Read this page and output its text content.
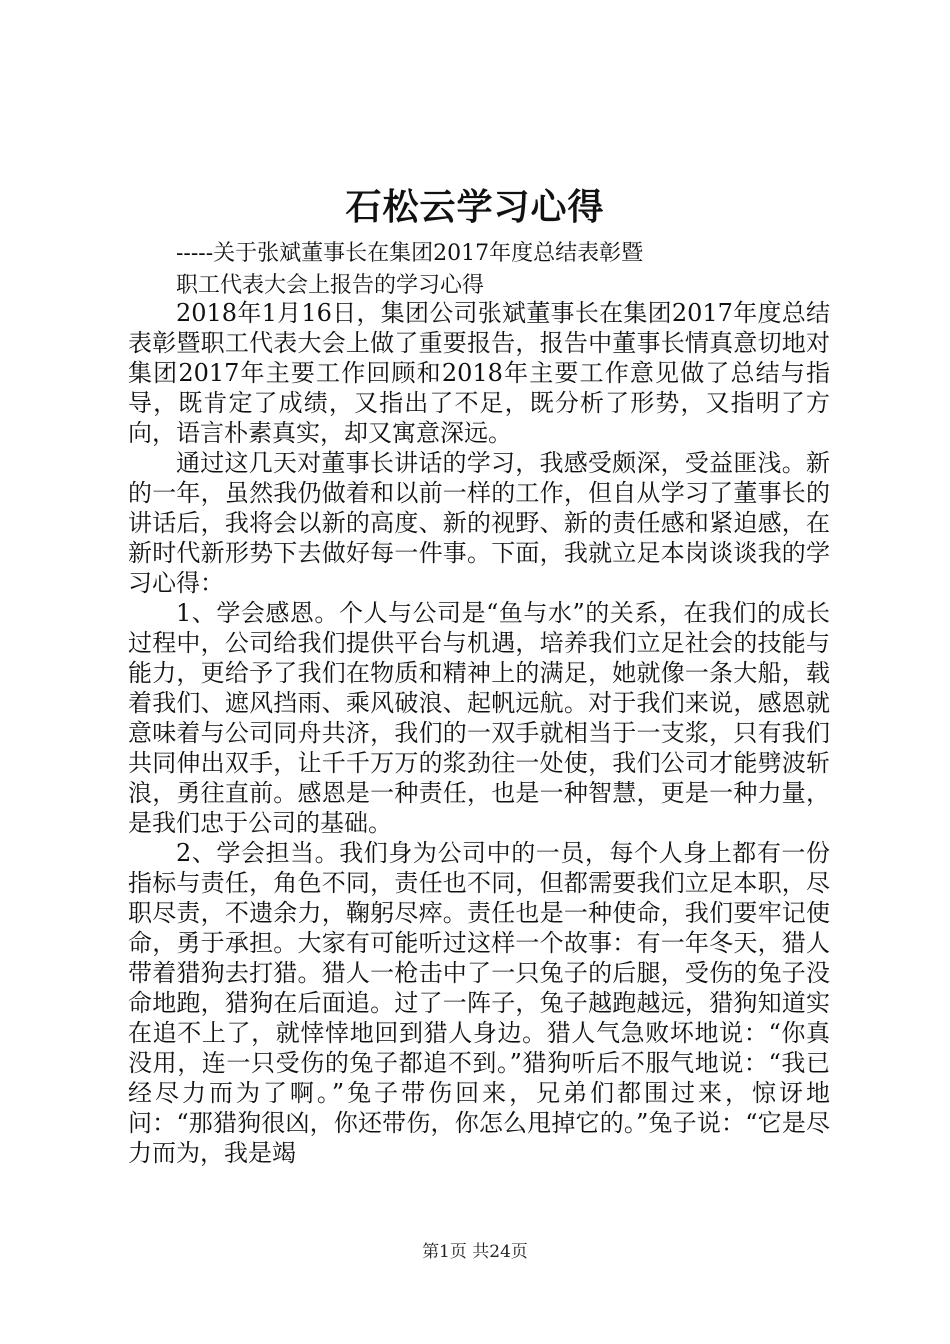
石松云学习心得
-----关于张斌董事长在集团2017年度总结表彰暨
职工代表大会上报告的学习心得

2018年1月16日，集团公司张斌董事长在集团2017年度总结表彰暨职工代表大会上做了重要报告，报告中董事长情真意切地对集团2017年主要工作回顾和2018年主要工作意见做了总结与指导，既肯定了成绩，又指出了不足，既分析了形势，又指明了方向，语言朴素真实，却又寓意深远。

通过这几天对董事长讲话的学习，我感受颇深，受益匪浅。新的一年，虽然我仍做着和以前一样的工作，但自从学习了董事长的讲话后，我将会以新的高度、新的视野、新的责任感和紧迫感，在新时代新形势下去做好每一件事。下面，我就立足本岗谈谈我的学习心得：

1、学会感恩。个人与公司是“鱼与水”的关系，在我们的成长过程中，公司给我们提供平台与机遇，培养我们立足社会的技能与能力，更给予了我们在物质和精神上的满足，她就像一条大船，载着我们、遮风挡雨、乘风破浪、起帆远航。对于我们来说，感恩就意味着与公司同舟共济，我们的一双手就相当于一支浆，只有我们共同伸出双手，让千千万万的浆劲往一处使，我们公司才能劈波斩浪，勇往直前。感恩是一种责任，也是一种智慧，更是一种力量，是我们忠于公司的基础。

2、学会担当。我们身为公司中的一员，每个人身上都有一份指标与责任，角色不同，责任也不同，但都需要我们立足本职，尽职尽责，不遗余力，鞠躬尽瘁。责任也是一种使命，我们要牢记使命，勇于承担。大家有可能听过这样一个故事：有一年冬天，猎人带着猎狗去打猎。猎人一枪击中了一只兔子的后腿，受伤的兔子没命地跑，猎狗在后面追。过了一阵子，兔子越跑越远，猎狗知道实在追不上了，就悻悻地回到猎人身边。猎人气急败坏地说：“你真没用，连一只受伤的兔子都追不到。”猎狗听后不服气地说：“我已经尽力而为了啊。”兔子带伤回来，兄弟们都围过来，惊讶地问：“那猎狗很凶，你还带伤，你怎么甩掉它的。”兔子说：“它是尽力而为，我是竭

第1页 共24页
